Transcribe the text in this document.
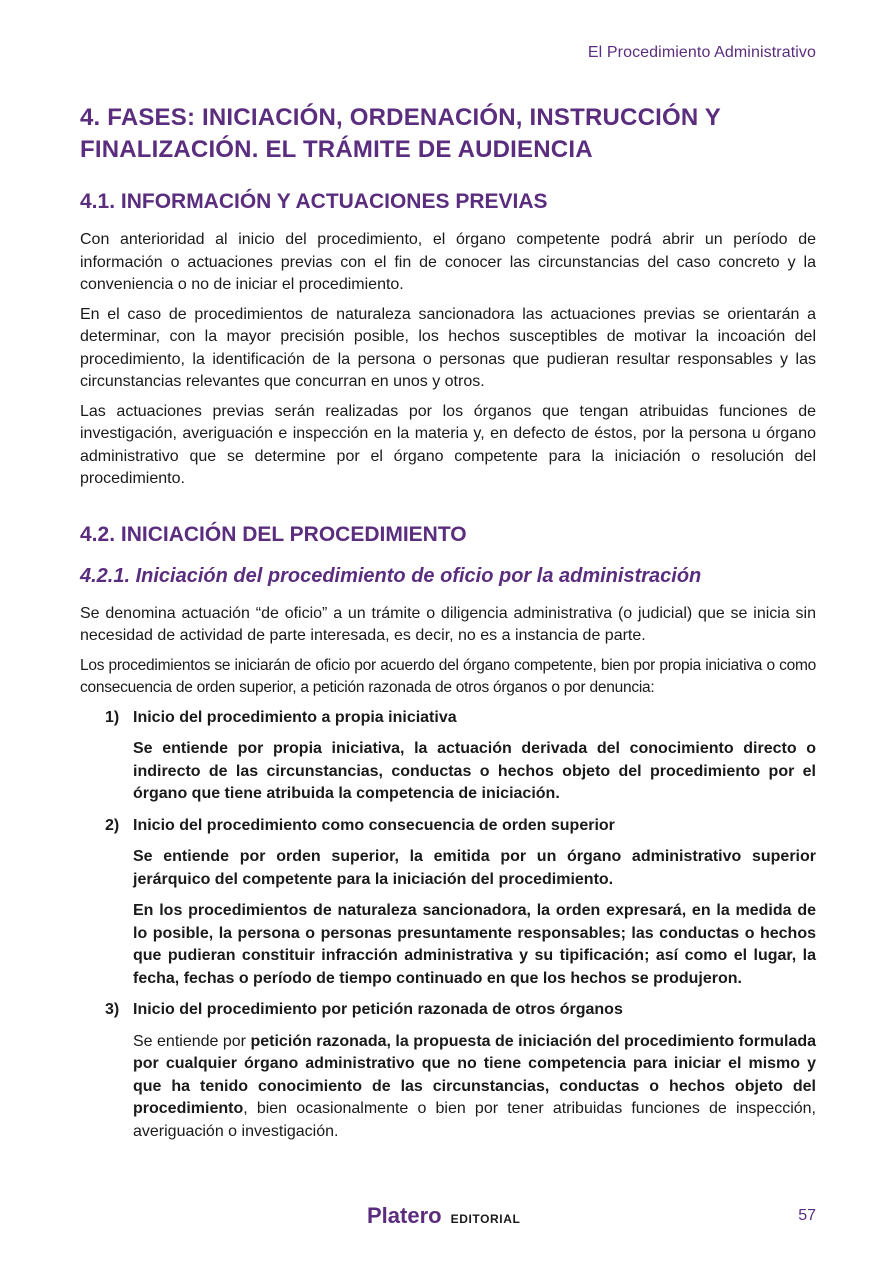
El Procedimiento Administrativo
4. FASES: INICIACIÓN, ORDENACIÓN, INSTRUCCIÓN Y FINALIZACIÓN. EL TRÁMITE DE AUDIENCIA
4.1. INFORMACIÓN Y ACTUACIONES PREVIAS

Con anterioridad al inicio del procedimiento, el órgano competente podrá abrir un período de información o actuaciones previas con el fin de conocer las circunstancias del caso concreto y la conveniencia o no de iniciar el procedimiento.

En el caso de procedimientos de naturaleza sancionadora las actuaciones previas se orientarán a determinar, con la mayor precisión posible, los hechos susceptibles de motivar la incoación del procedimiento, la identificación de la persona o personas que pudieran resultar responsables y las circunstancias relevantes que concurran en unos y otros.

Las actuaciones previas serán realizadas por los órganos que tengan atribuidas funciones de investigación, averiguación e inspección en la materia y, en defecto de éstos, por la persona u órgano administrativo que se determine por el órgano competente para la iniciación o resolución del procedimiento.

4.2. INICIACIÓN DEL PROCEDIMIENTO
4.2.1. Iniciación del procedimiento de oficio por la administración

Se denomina actuación “de oficio” a un trámite o diligencia administrativa (o judicial) que se inicia sin necesidad de actividad de parte interesada, es decir, no es a instancia de parte.

Los procedimientos se iniciarán de oficio por acuerdo del órgano competente, bien por propia iniciativa o como consecuencia de orden superior, a petición razonada de otros órganos o por denuncia:

1) Inicio del procedimiento a propia iniciativa

Se entiende por propia iniciativa, la actuación derivada del conocimiento directo o indirecto de las circunstancias, conductas o hechos objeto del procedimiento por el órgano que tiene atribuida la competencia de iniciación.

2) Inicio del procedimiento como consecuencia de orden superior

Se entiende por orden superior, la emitida por un órgano administrativo superior jerárquico del competente para la iniciación del procedimiento.

En los procedimientos de naturaleza sancionadora, la orden expresará, en la medida de lo posible, la persona o personas presuntamente responsables; las conductas o hechos que pudieran constituir infracción administrativa y su tipificación; así como el lugar, la fecha, fechas o período de tiempo continuado en que los hechos se produjeron.

3) Inicio del procedimiento por petición razonada de otros órganos

Se entiende por petición razonada, la propuesta de iniciación del procedimiento formulada por cualquier órgano administrativo que no tiene competencia para iniciar el mismo y que ha tenido conocimiento de las circunstancias, conductas o hechos objeto del procedimiento, bien ocasionalmente o bien por tener atribuidas funciones de inspección, averiguación o investigación.

Platero EDITORIAL	57
